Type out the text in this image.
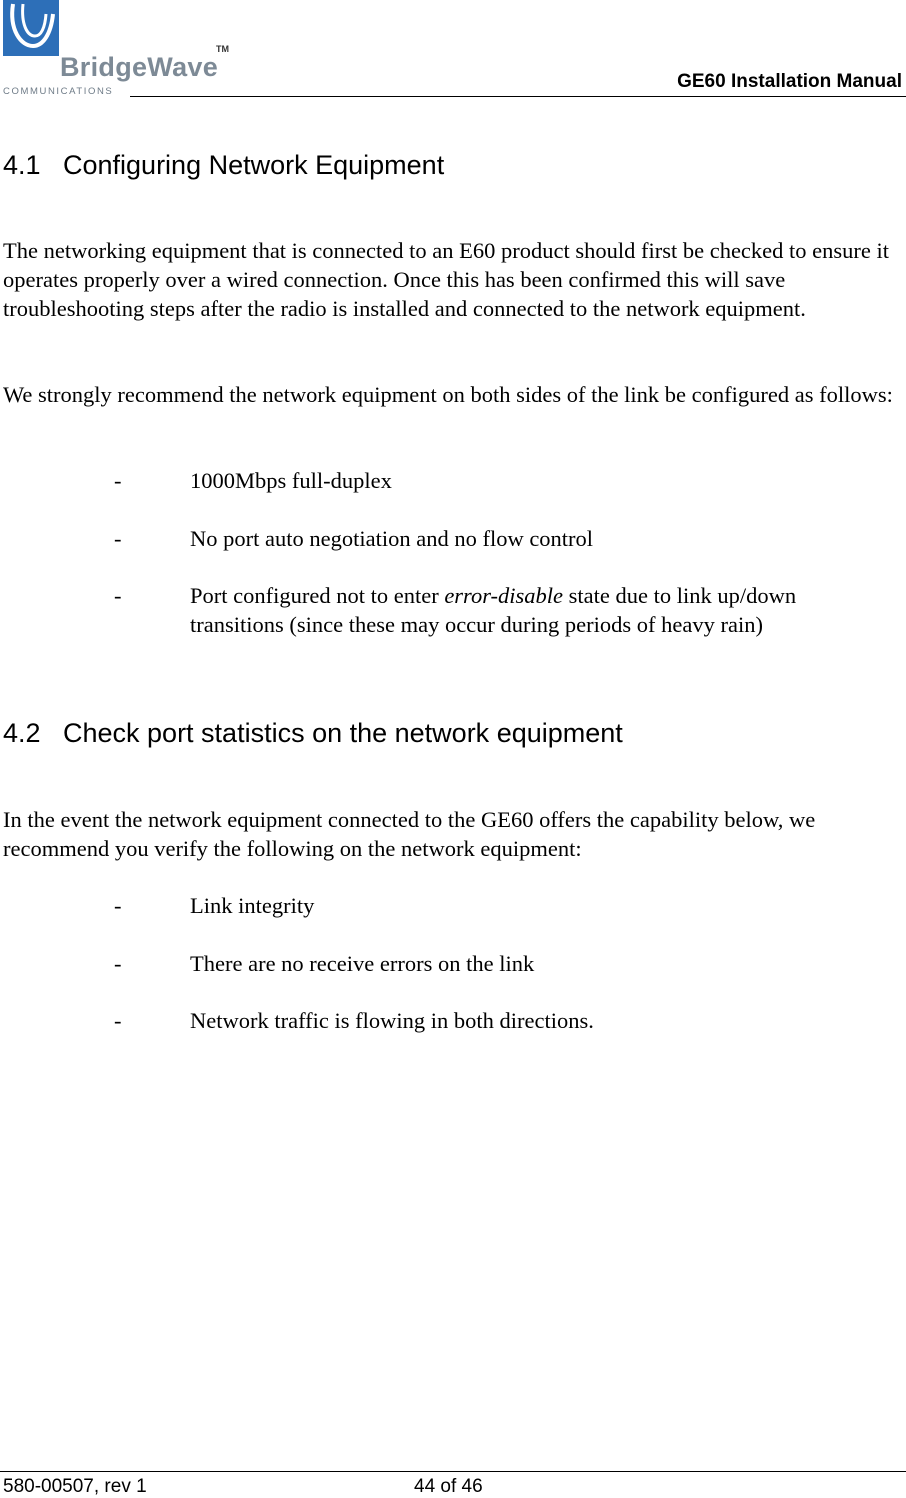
BridgeWave
TM
COMMUNICATIONS	GE60 Installation Manual
4.1 Configuring Network Equipment
The networking equipment that is connected to an E60 product should first be checked to ensure it operates properly over a wired connection. Once this has been confirmed this will save troubleshooting steps after the radio is installed and connected to the network equipment.
We strongly recommend the network equipment on both sides of the link be configured as follows:
-	1000Mbps full-duplex
-	No port auto negotiation and no flow control
-	Port configured not to enter error-disable state due to link up/down transitions (since these may occur during periods of heavy rain)
4.2 Check port statistics on the network equipment
In the event the network equipment connected to the GE60 offers the capability below, we recommend you verify the following on the network equipment:
-	Link integrity
-	There are no receive errors on the link
-	Network traffic is flowing in both directions.
580-00507, rev 1	44 of 46
